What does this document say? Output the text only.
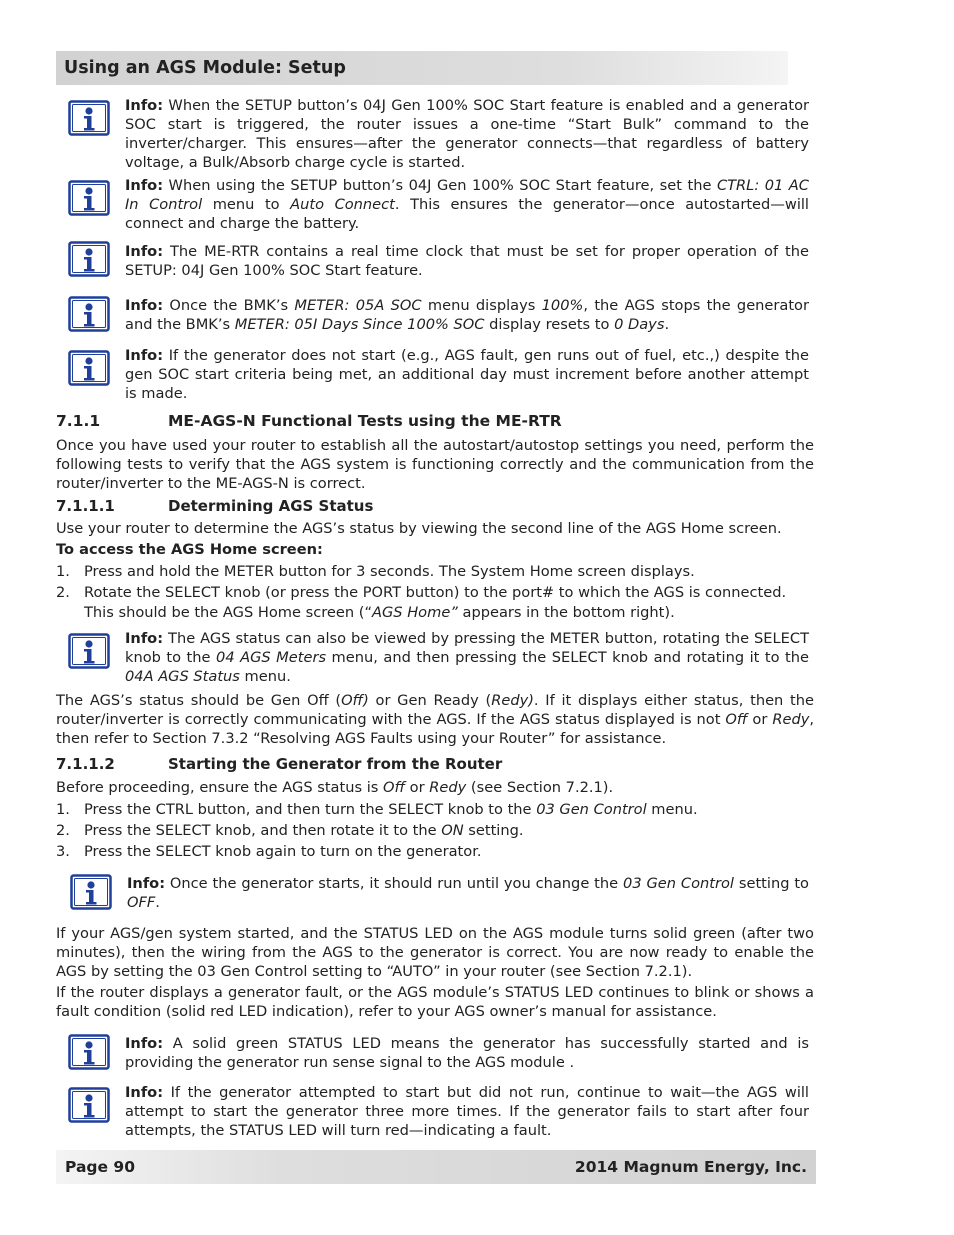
Using an AGS Module: Setup
Info: When the SETUP button’s 04J Gen 100% SOC Start feature is enabled and a generator SOC start is triggered, the router issues a one-time “Start Bulk” command to the inverter/charger. This ensures—after the generator connects—that regardless of battery voltage, a Bulk/Absorb charge cycle is started.
Info: When using the SETUP button’s 04J Gen 100% SOC Start feature, set the CTRL: 01 AC In Control menu to Auto Connect. This ensures the generator—once autostarted—will connect and charge the battery.
Info: The ME-RTR contains a real time clock that must be set for proper operation of the SETUP: 04J Gen 100% SOC Start feature.
Info: Once the BMK’s METER: 05A SOC menu displays 100%, the AGS stops the generator and the BMK’s METER: 05I Days Since 100% SOC display resets to 0 Days.
Info: If the generator does not start (e.g., AGS fault, gen runs out of fuel, etc.,) despite the gen SOC start criteria being met, an additional day must increment before another attempt is made.
7.1.1	ME-AGS-N Functional Tests using the ME-RTR
Once you have used your router to establish all the autostart/autostop settings you need, perform the following tests to verify that the AGS system is functioning correctly and the communication from the router/inverter to the ME-AGS-N is correct.
7.1.1.1	Determining AGS Status
Use your router to determine the AGS’s status by viewing the second line of the AGS Home screen.
To access the AGS Home screen:
1. Press and hold the METER button for 3 seconds. The System Home screen displays.
2. Rotate the SELECT knob (or press the PORT button) to the port# to which the AGS is connected. This should be the AGS Home screen (“AGS Home” appears in the bottom right).
Info: The AGS status can also be viewed by pressing the METER button, rotating the SELECT knob to the 04 AGS Meters menu, and then pressing the SELECT knob and rotating it to the 04A AGS Status menu.
The AGS’s status should be Gen Off (Off) or Gen Ready (Redy). If it displays either status, then the router/inverter is correctly communicating with the AGS. If the AGS status displayed is not Off or Redy, then refer to Section 7.3.2 “Resolving AGS Faults using your Router” for assistance.
7.1.1.2	Starting the Generator from the Router
Before proceeding, ensure the AGS status is Off or Redy (see Section 7.2.1).
1. Press the CTRL button, and then turn the SELECT knob to the 03 Gen Control menu.
2. Press the SELECT knob, and then rotate it to the ON setting.
3. Press the SELECT knob again to turn on the generator.
Info: Once the generator starts, it should run until you change the 03 Gen Control setting to OFF.
If your AGS/gen system started, and the STATUS LED on the AGS module turns solid green (after two minutes), then the wiring from the AGS to the generator is correct. You are now ready to enable the AGS by setting the 03 Gen Control setting to “AUTO” in your router (see Section 7.2.1).
If the router displays a generator fault, or the AGS module’s STATUS LED continues to blink or shows a fault condition (solid red LED indication), refer to your AGS owner’s manual for assistance.
Info: A solid green STATUS LED means the generator has successfully started and is providing the generator run sense signal to the AGS module .
Info: If the generator attempted to start but did not run, continue to wait—the AGS will attempt to start the generator three more times. If the generator fails to start after four attempts, the STATUS LED will turn red—indicating a fault.
Page 90	2014 Magnum Energy, Inc.
